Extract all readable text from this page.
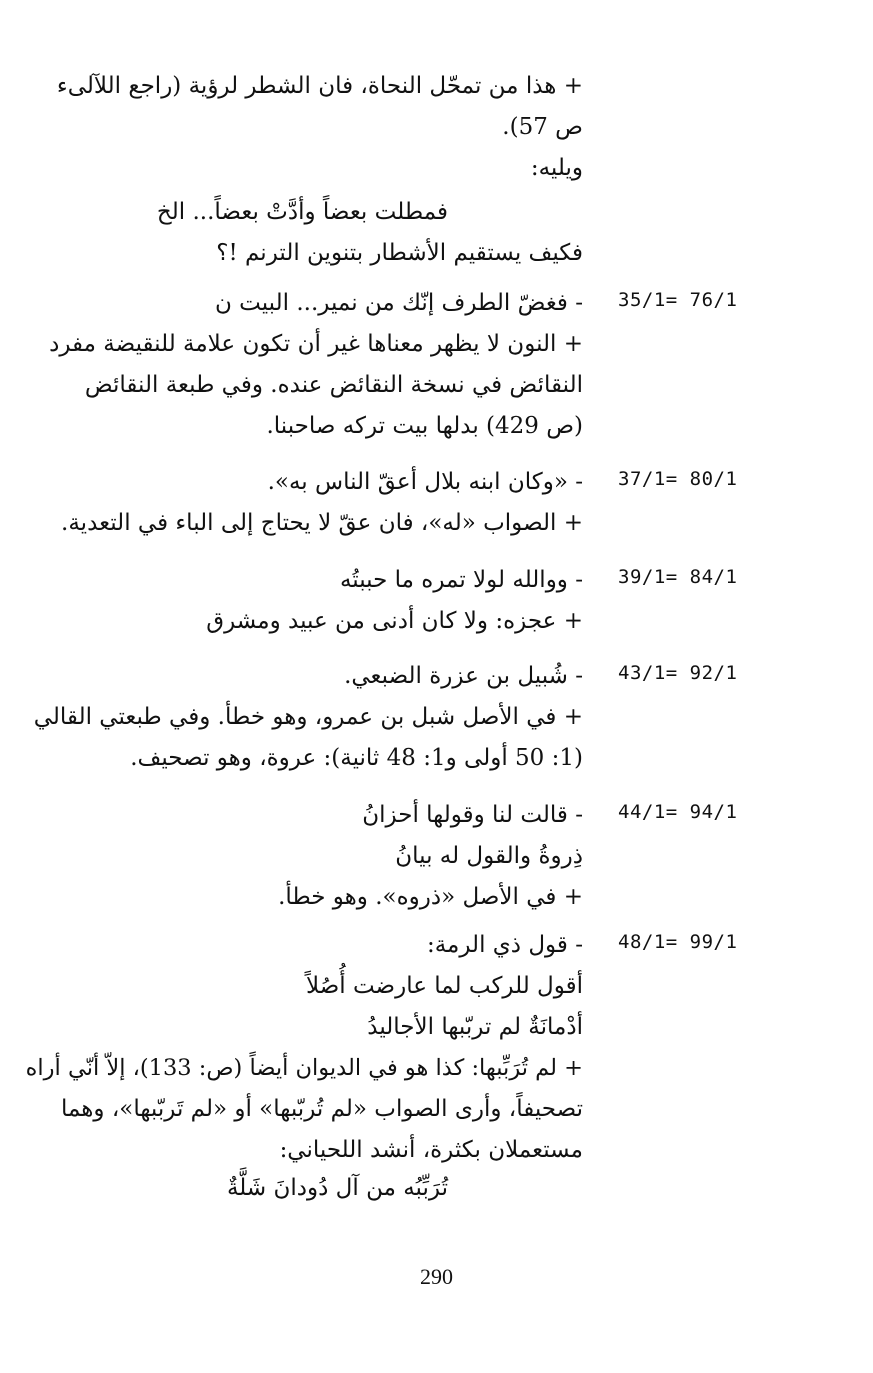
+ هذا من تمحّل النحاة، فان الشطر لرؤية (راجع اللآلىء
ص 57).
ويليه:
فمطلت بعضاً وأدَّتْ بعضاً... الخ
فكيف يستقيم الأشطار بتنوين الترنم !؟
35/1= 76/1
- فغضّ الطرف إنّك من نمير... البيت ن
+ النون لا يظهر معناها غير أن تكون علامة للنقيضة مفرد
النقائض في نسخة النقائض عنده. وفي طبعة النقائض
(ص 429) بدلها بيت تركه صاحبنا.
37/1= 80/1
- «وكان ابنه بلال أعقّ الناس به».
+ الصواب «له»، فان عقّ لا يحتاج إلى الباء في التعدية.
39/1= 84/1
- ووالله لولا تمره ما حببتُه
+ عجزه: ولا كان أدنى من عبيد ومشرق
43/1= 92/1
- شُبيل بن عزرة الضبعي.
+ في الأصل شبل بن عمرو، وهو خطأ. وفي طبعتي القالي
(1: 50 أولى و1: 48 ثانية): عروة، وهو تصحيف.
44/1= 94/1
- قالت لنا وقولها أحزانُ
ذِروةُ والقول له بيانُ
+ في الأصل «ذروه». وهو خطأ.
48/1= 99/1
- قول ذي الرمة:
أقول للركب لما عارضت أُصُلاً
أدْمانَةٌ لم تربّبها الأجاليدُ
+ لم تُرَبِّبها: كذا هو في الديوان أيضاً (ص: 133)، إلاّ أنّي أراه
تصحيفاً، وأرى الصواب «لم تُربّبها» أو «لم تَربّبها»، وهما
مستعملان بكثرة، أنشد اللحياني:
تُرَبِّبُه من آل دُودانَ شَلَّةٌ
290
